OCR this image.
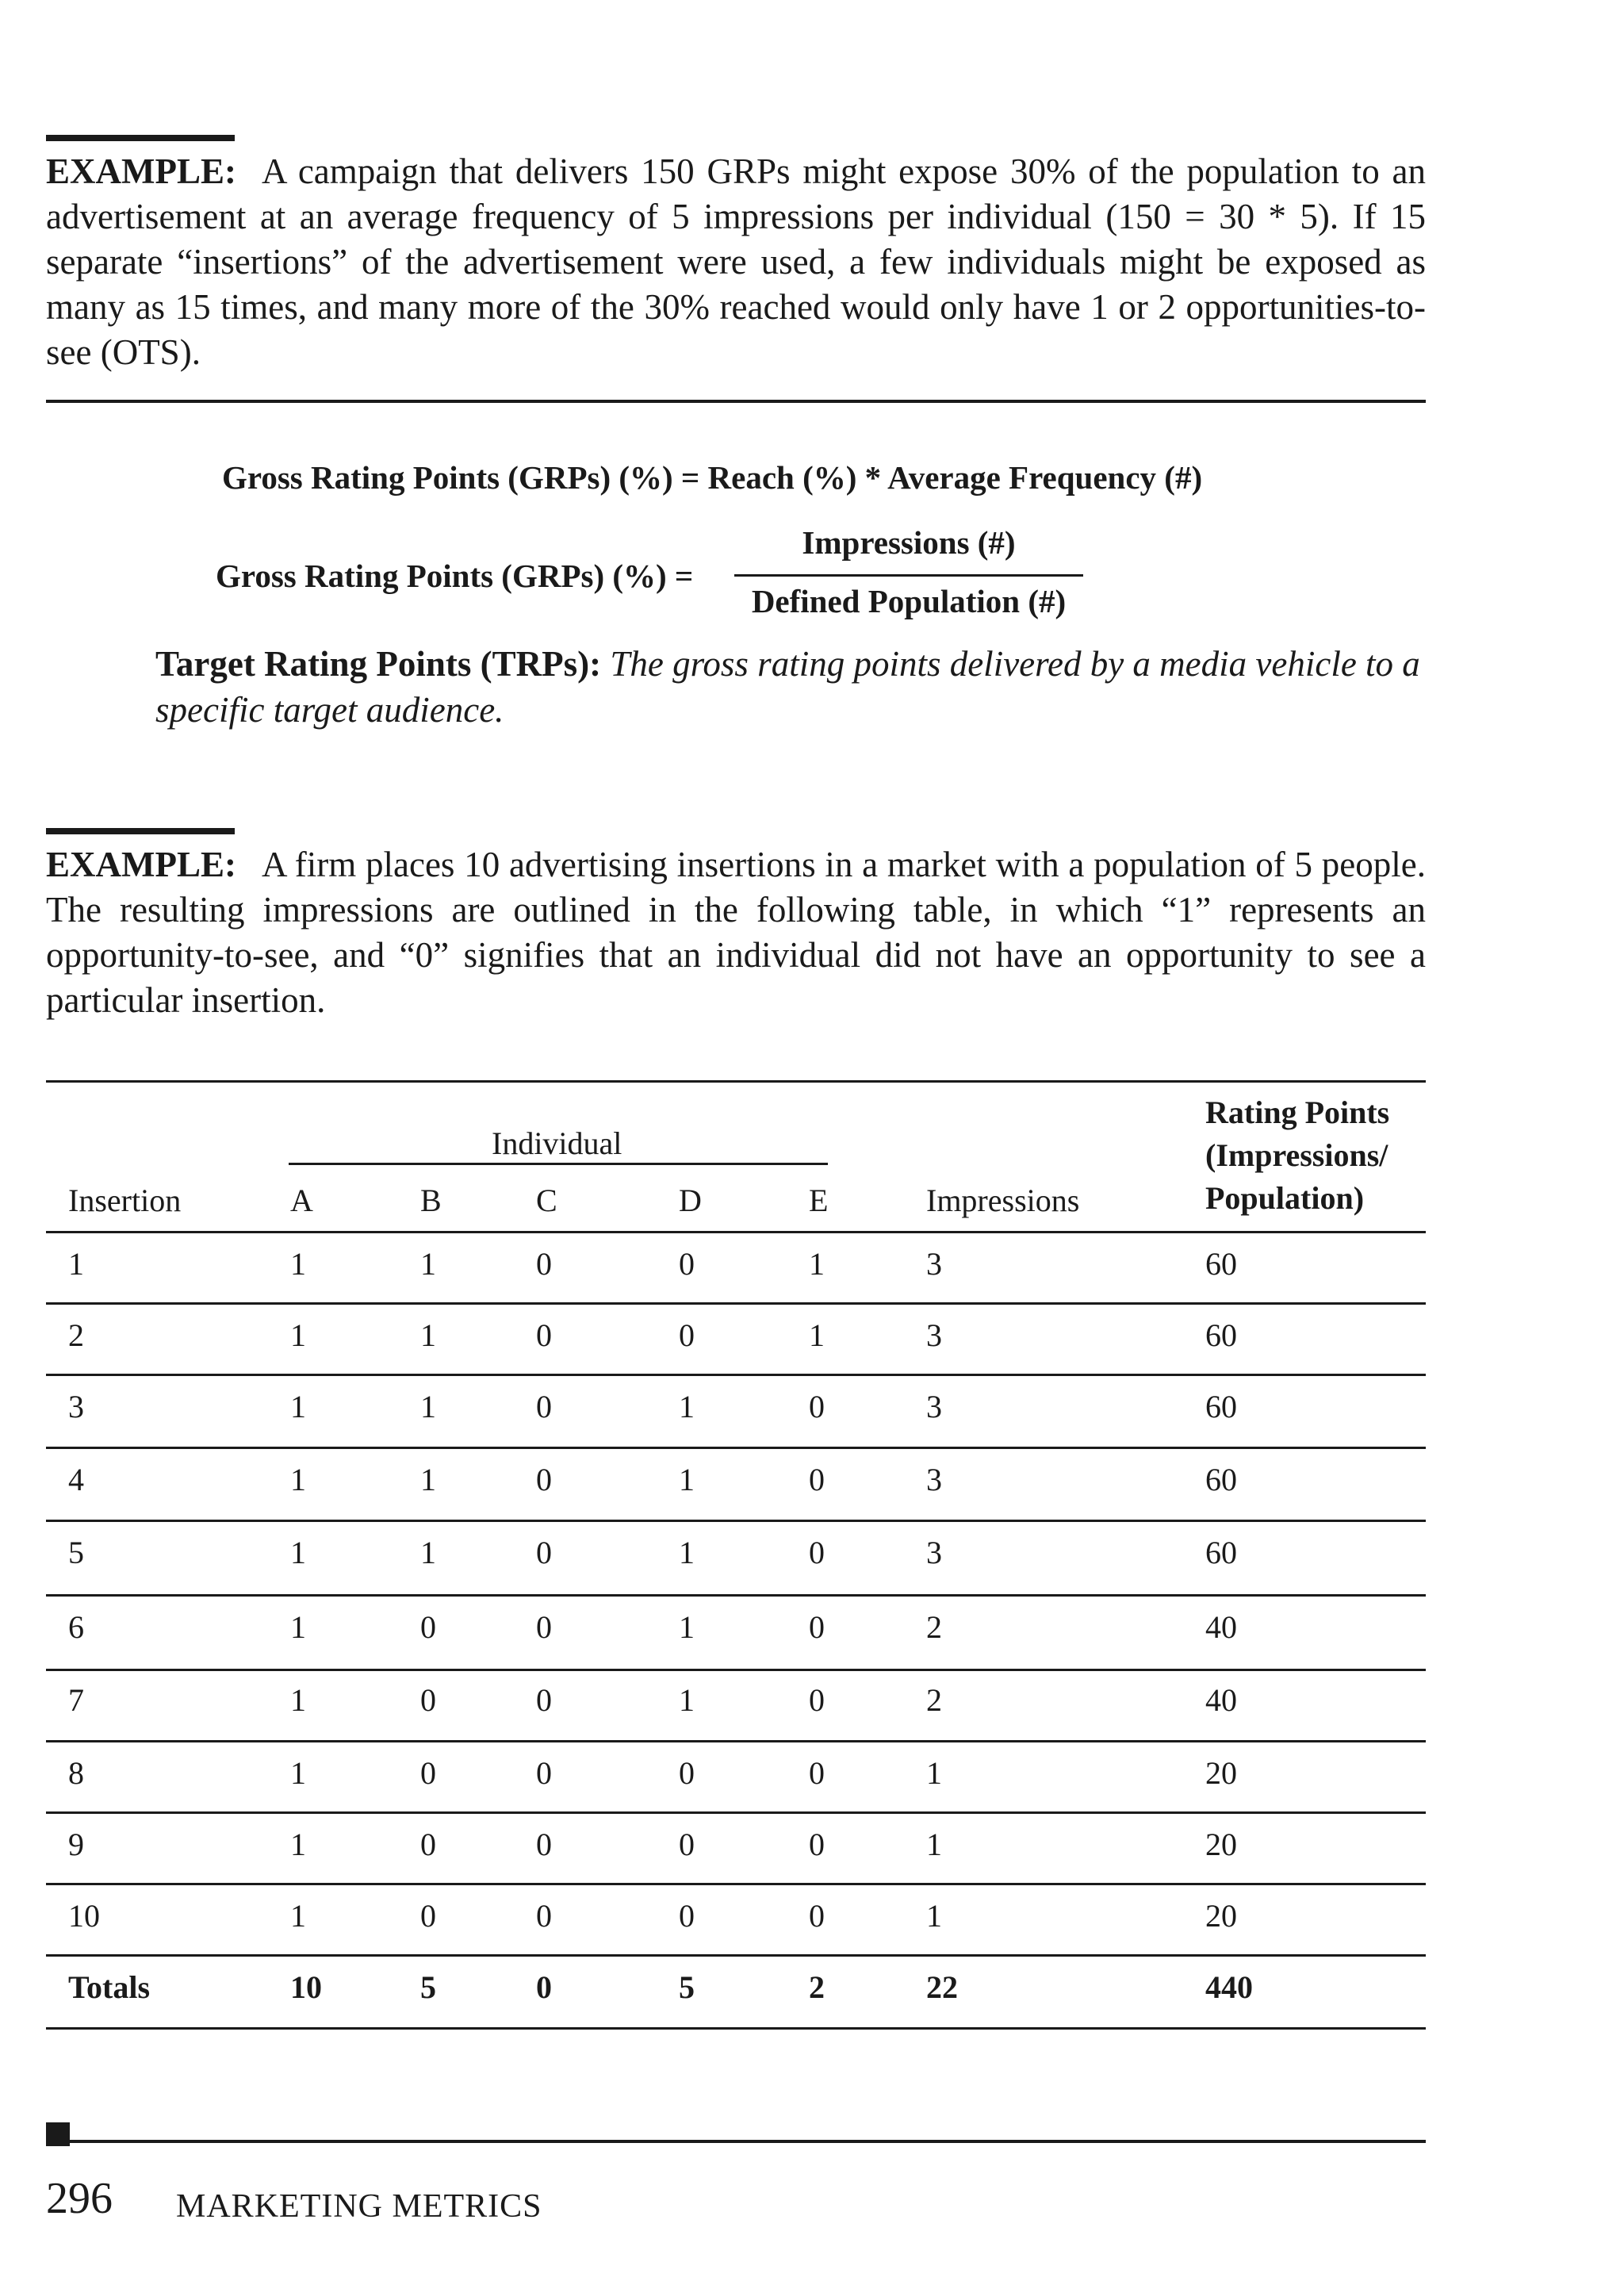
EXAMPLE: A campaign that delivers 150 GRPs might expose 30% of the population to an advertisement at an average frequency of 5 impressions per individual (150 = 30 * 5). If 15 separate “insertions” of the advertisement were used, a few individuals might be exposed as many as 15 times, and many more of the 30% reached would only have 1 or 2 opportunities-to-see (OTS).
Gross Rating Points (GRPs) (%) = Reach (%) * Average Frequency (#)
Gross Rating Points (GRPs) (%) =
Impressions (#)
Defined Population (#)
Target Rating Points (TRPs): The gross rating points delivered by a media vehicle to a specific target audience.
EXAMPLE: A firm places 10 advertising insertions in a market with a population of 5 people. The resulting impressions are outlined in the following table, in which “1” represents an opportunity-to-see, and “0” signifies that an individual did not have an opportunity to see a particular insertion.
Individual
Insertion	A	B	C	D	E	Impressions
Rating Points
(Impressions/
Population)
1	1	1	0	0	1	3	60
2	1	1	0	0	1	3	60
3	1	1	0	1	0	3	60
4	1	1	0	1	0	3	60
5	1	1	0	1	0	3	60
6	1	0	0	1	0	2	40
7	1	0	0	1	0	2	40
8	1	0	0	0	0	1	20
9	1	0	0	0	0	1	20
10	1	0	0	0	0	1	20
Totals	10	5	0	5	2	22	440
296 MARKETING METRICS
